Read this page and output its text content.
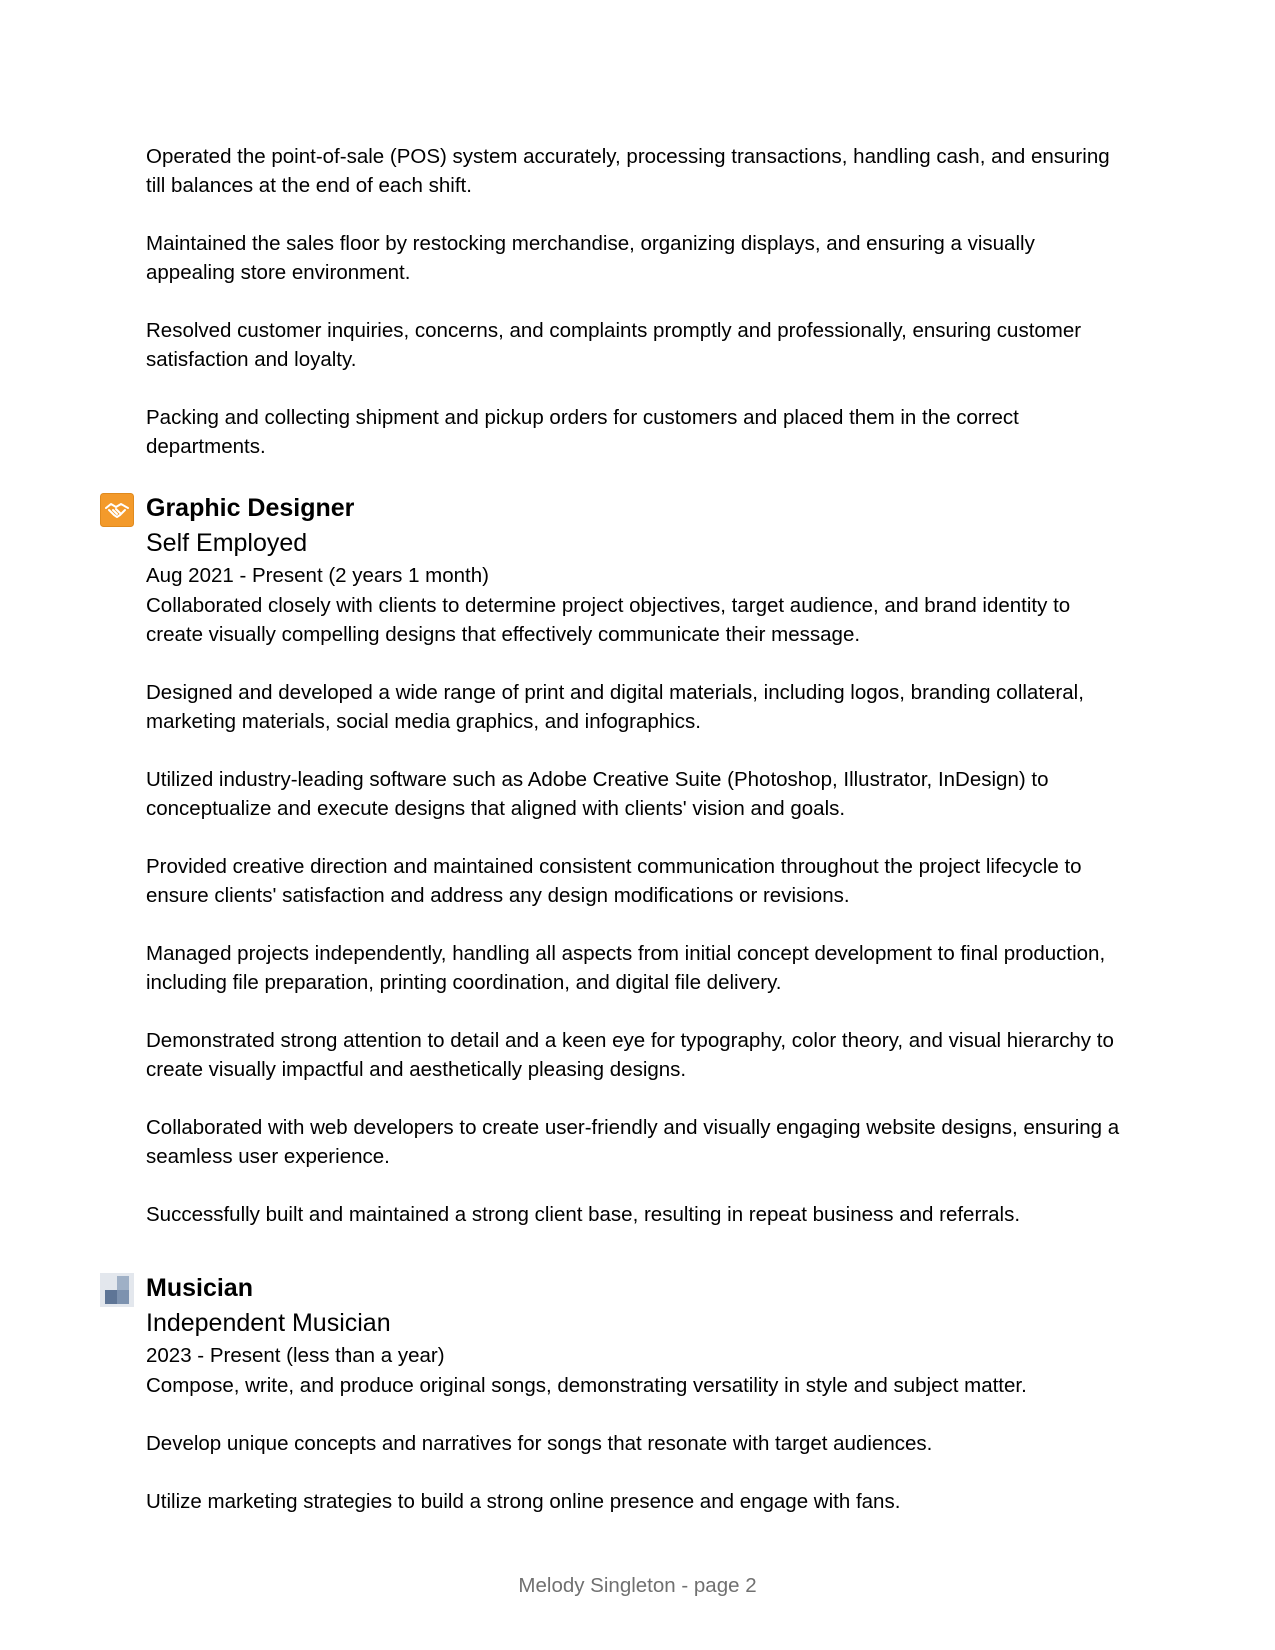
Operated the point-of-sale (POS) system accurately, processing transactions, handling cash, and ensuring till balances at the end of each shift.

Maintained the sales floor by restocking merchandise, organizing displays, and ensuring a visually appealing store environment.

Resolved customer inquiries, concerns, and complaints promptly and professionally, ensuring customer satisfaction and loyalty.

Packing and collecting shipment and pickup orders for customers and placed them in the correct departments.

Graphic Designer

Self Employed

Aug 2021 - Present (2 years 1 month)

Collaborated closely with clients to determine project objectives, target audience, and brand identity to create visually compelling designs that effectively communicate their message.

Designed and developed a wide range of print and digital materials, including logos, branding collateral, marketing materials, social media graphics, and infographics.

Utilized industry-leading software such as Adobe Creative Suite (Photoshop, Illustrator, InDesign) to conceptualize and execute designs that aligned with clients' vision and goals.

Provided creative direction and maintained consistent communication throughout the project lifecycle to ensure clients' satisfaction and address any design modifications or revisions.

Managed projects independently, handling all aspects from initial concept development to final production, including file preparation, printing coordination, and digital file delivery.

Demonstrated strong attention to detail and a keen eye for typography, color theory, and visual hierarchy to create visually impactful and aesthetically pleasing designs.

Collaborated with web developers to create user-friendly and visually engaging website designs, ensuring a seamless user experience.

Successfully built and maintained a strong client base, resulting in repeat business and referrals.

Musician

Independent Musician

2023 - Present (less than a year)

Compose, write, and produce original songs, demonstrating versatility in style and subject matter.

Develop unique concepts and narratives for songs that resonate with target audiences.

Utilize marketing strategies to build a strong online presence and engage with fans.

Melody Singleton - page 2
